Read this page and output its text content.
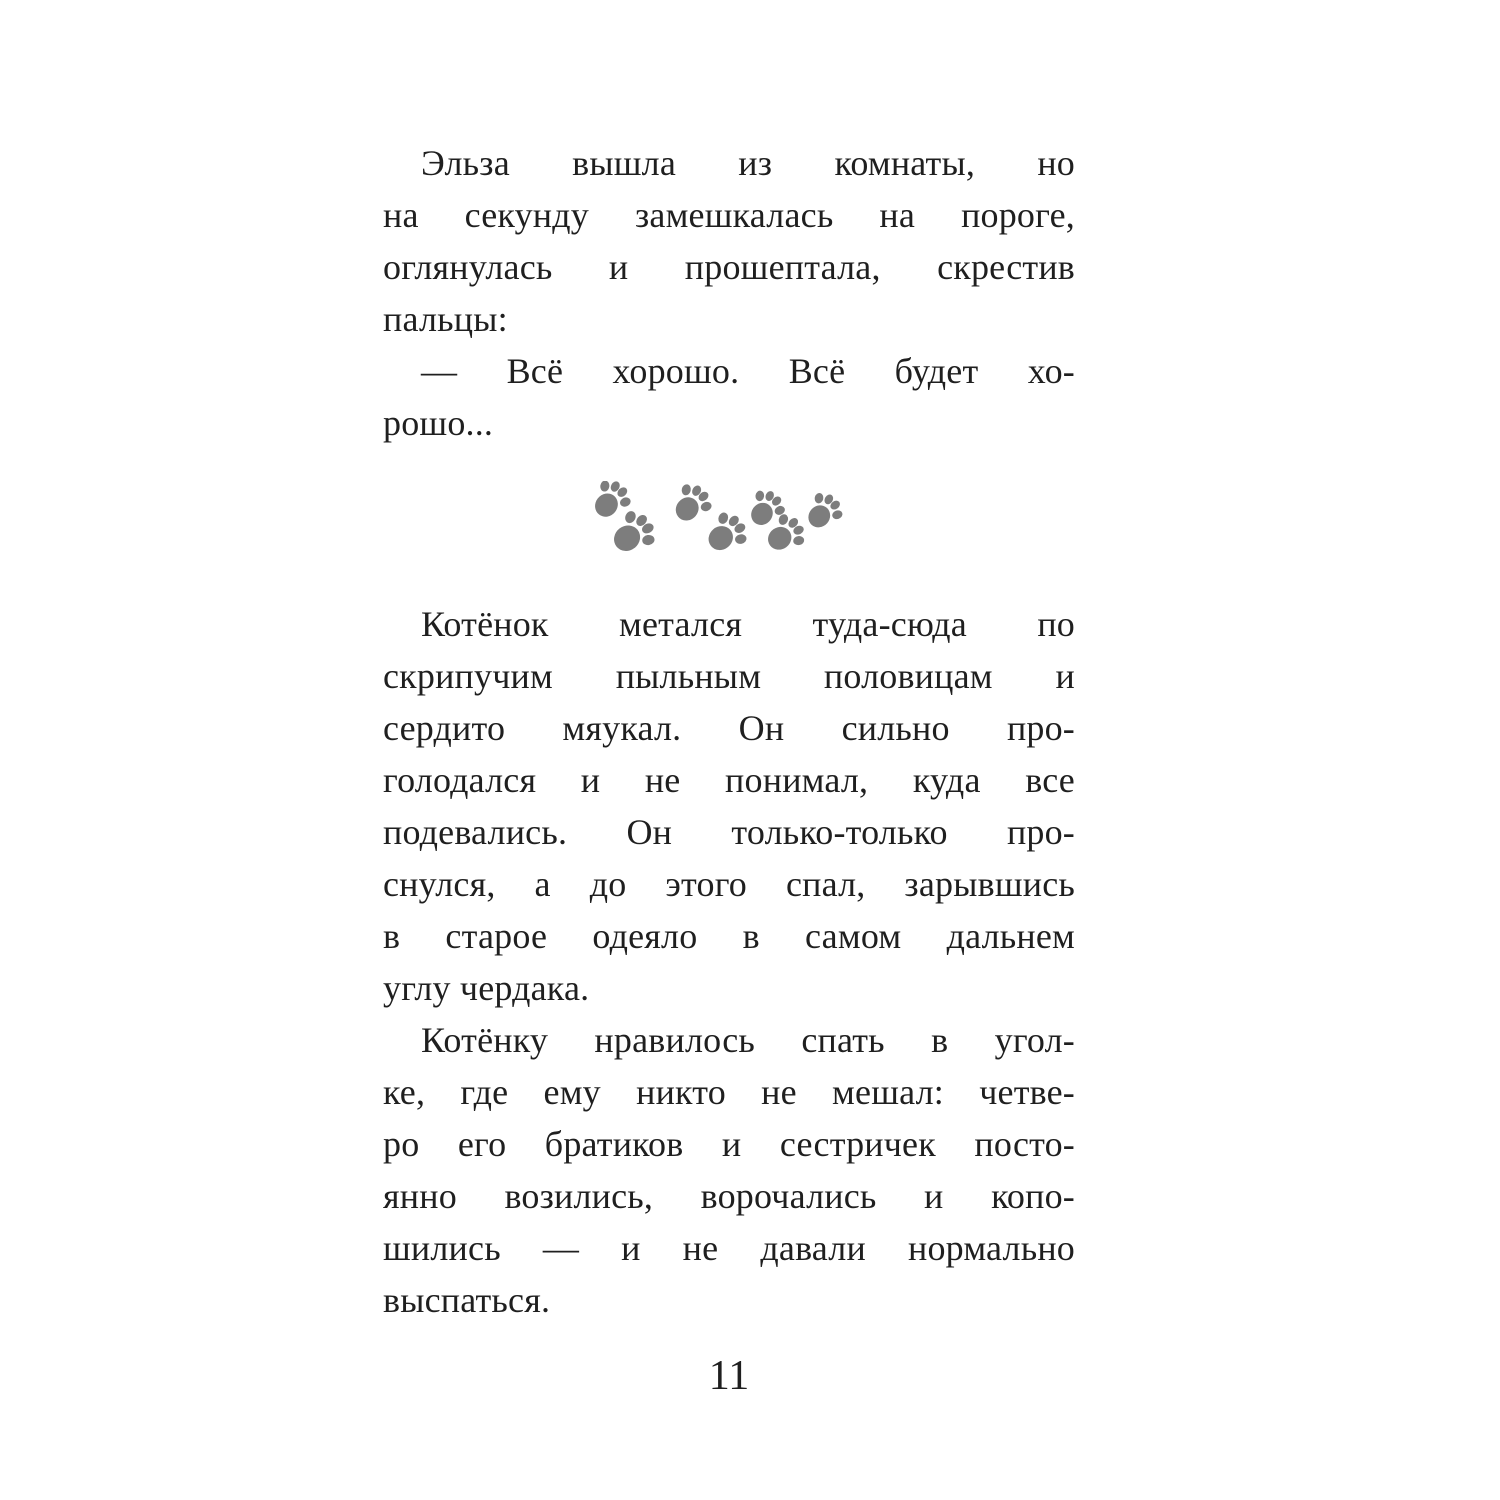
Эльза вышла из комнаты, но
на секунду замешкалась на пороге,
оглянулась и прошептала, скрестив
пальцы:
— Всё хорошо. Всё будет хо-
рошо...
Котёнок метался туда-сюда по
скрипучим пыльным половицам и
сердито мяукал. Он сильно про-
голодался и не понимал, куда все
подевались. Он только-только про-
снулся, а до этого спал, зарывшись
в старое одеяло в самом дальнем
углу чердака.
Котёнку нравилось спать в угол-
ке, где ему никто не мешал: четве-
ро его братиков и сестричек посто-
янно возились, ворочались и копо-
шились — и не давали нормально
выспаться.
11
